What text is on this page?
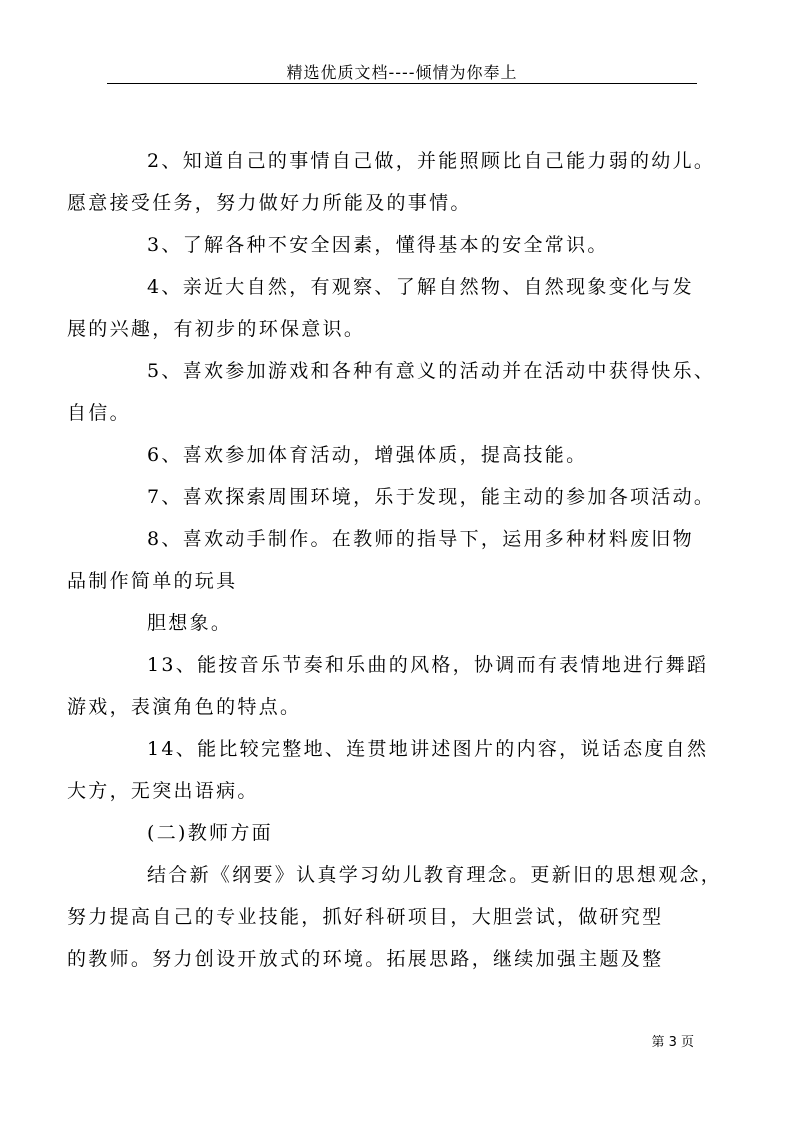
精选优质文档----倾情为你奉上

2、知道自己的事情自己做，并能照顾比自己能力弱的幼儿。
愿意接受任务，努力做好力所能及的事情。

3、了解各种不安全因素，懂得基本的安全常识。

4、亲近大自然，有观察、了解自然物、自然现象变化与发
展的兴趣，有初步的环保意识。

5、喜欢参加游戏和各种有意义的活动并在活动中获得快乐、
自信。

6、喜欢参加体育活动，增强体质，提高技能。

7、喜欢探索周围环境，乐于发现，能主动的参加各项活动。

8、喜欢动手制作。在教师的指导下，运用多种材料废旧物
品制作简单的玩具

胆想象。

13、能按音乐节奏和乐曲的风格，协调而有表情地进行舞蹈
游戏，表演角色的特点。

14、能比较完整地、连贯地讲述图片的内容，说话态度自然
大方，无突出语病。

(二)教师方面

结合新《纲要》认真学习幼儿教育理念。更新旧的思想观念，
努力提高自己的专业技能，抓好科研项目，大胆尝试，做研究型
的教师。努力创设开放式的环境。拓展思路，继续加强主题及整

第 3 页
